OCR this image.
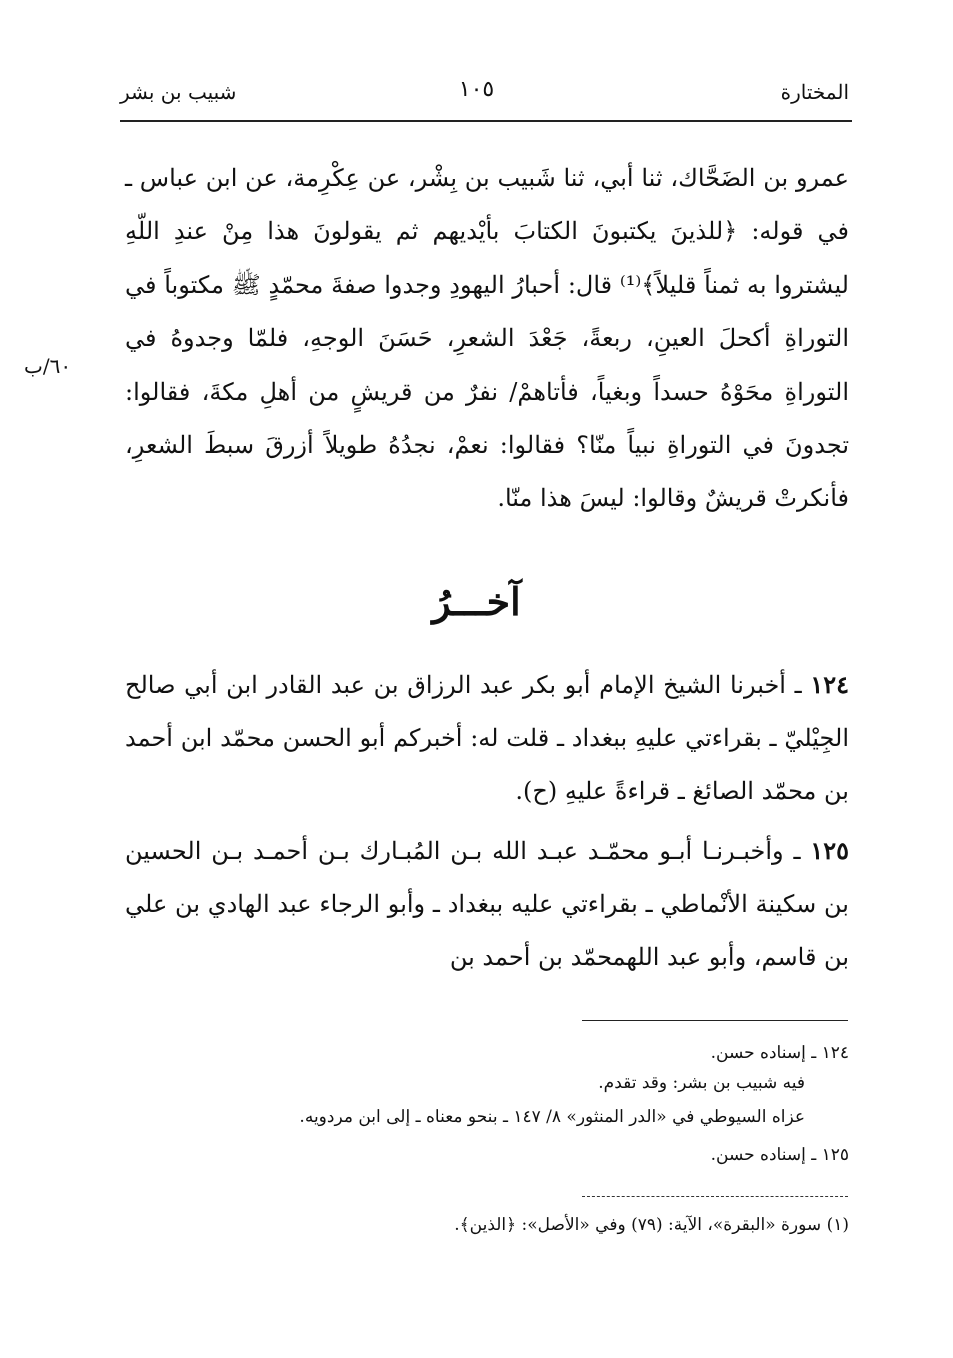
المختارة
١٠٥
شبيب بن بشر
عمرو بن الضَحَّاك، ثنا أبي، ثنا شَبيب بن بِشْر، عن عِكْرِمة، عن ابن عباس ـ في قوله: ﴿للذينَ يكتبونَ الكتابَ بأيْديهم ثم يقولونَ هذا مِنْ عندِ اللّهِ ليشتروا به ثمناً قليلاً﴾⁽¹⁾ قال: أحبارُ اليهودِ وجدوا صفةَ محمّدٍ ﷺ مكتوباً في التوراةِ أكحلَ العينِ، ربعةً، جَعْدَ الشعرِ، حَسَنَ الوجهِ، فلمّا وجدوهُ في التوراةِ محَوْهُ حسداً وبغياً، فأتاهمْ/ نفرٌ من قريشٍ من أهلِ مكةَ، فقالوا: تجدونَ في التوراةِ نبياً منّا؟ فقالوا: نعمْ، نجدُهُ طويلاً أزرقَ سبطَ الشعرِ، فأنكرتْ قريشٌ وقالوا: ليسَ هذا منّا.
٦٠/ب
آخـــرُ
١٢٤ ـ أخبرنا الشيخ الإمام أبو بكر عبد الرزاق بن عبد القادر ابن أبي صالح الجِيْليّ ـ بقراءتي عليهِ ببغداد ـ قلت له: أخبركم أبو الحسن محمّد ابن أحمد بن محمّد الصائغ ـ قراءةً عليهِ (ح).
١٢٥ ـ وأخبـرنـا أبـو محمّـد عبـد الله بـن المُبـارك بـن أحمـد بـن الحسين بن سكينة الأنْماطي ـ بقراءتي عليه ببغداد ـ وأبو الرجاء عبد الهادي بن علي بن قاسم، وأبو عبد اللهمحمّد بن أحمد بن
١٢٤ ـ إسناده حسن.
فيه شبيب بن بشر: وقد تقدم.
عزاه السيوطي في «الدر المنثور» ٨/ ١٤٧ ـ بنحو معناه ـ إلى ابن مردويه.
١٢٥ ـ إسناده حسن.
(١) سورة «البقرة»، الآية: (٧٩) وفي «الأصل»: ﴿الذين﴾.
